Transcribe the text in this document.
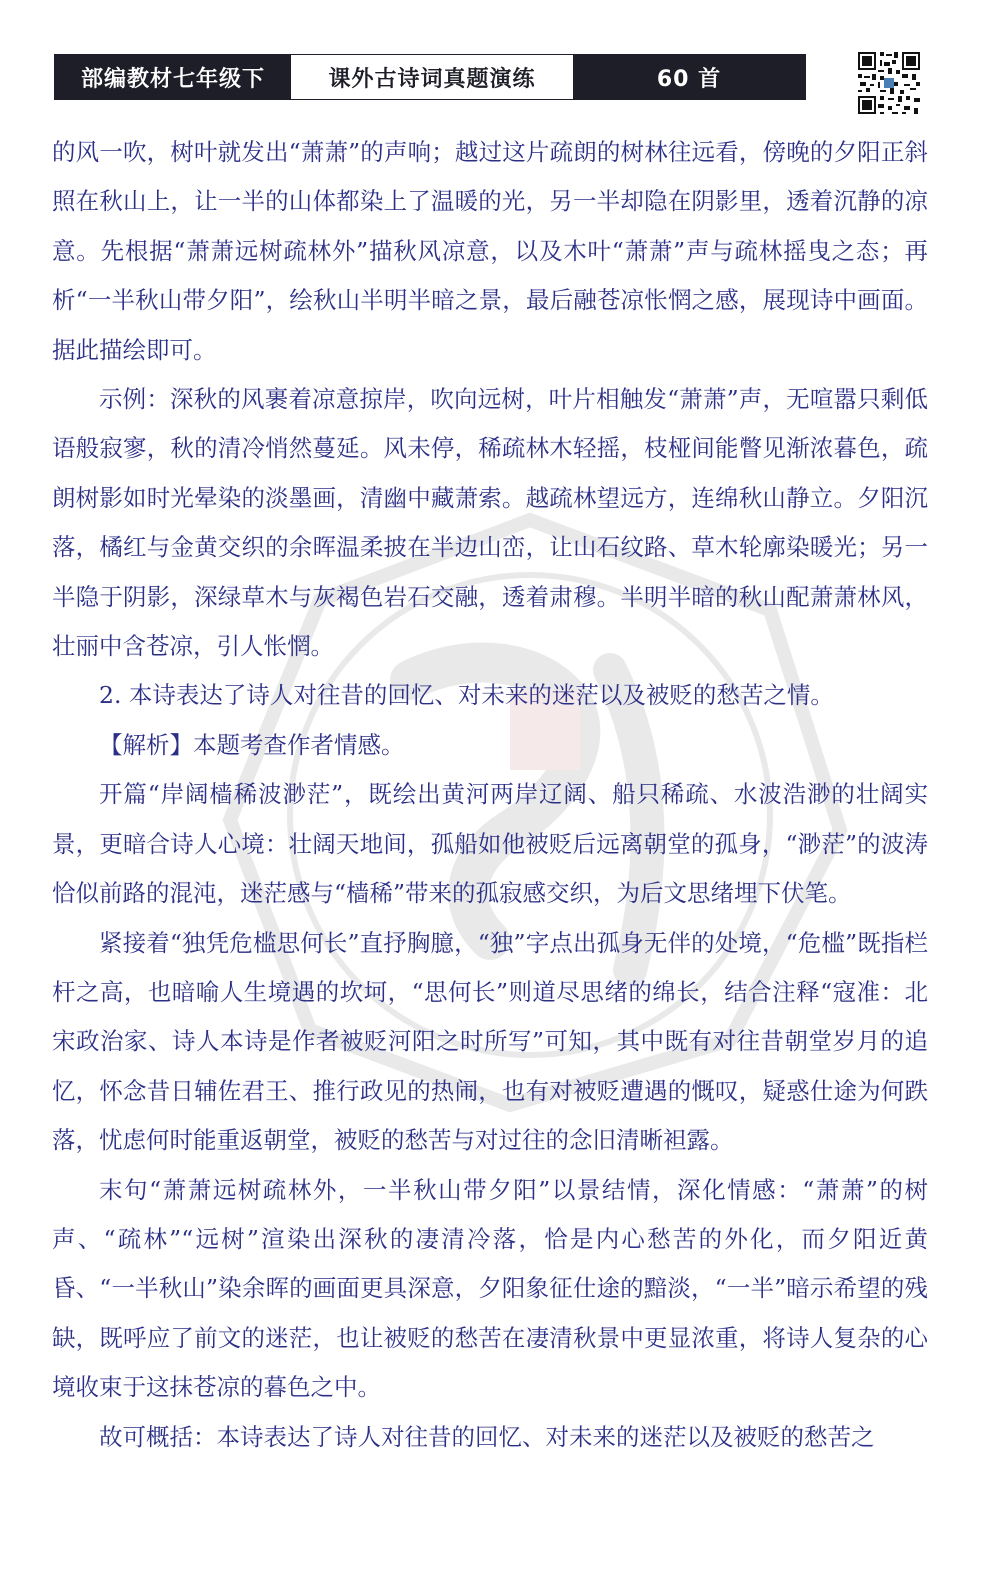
部编教材七年级下	课外古诗词真题演练	60 首

的风一吹，树叶就发出“萧萧”的声响；越过这片疏朗的树林往远看，傍晚的夕阳正斜照在秋山上，让一半的山体都染上了温暖的光，另一半却隐在阴影里，透着沉静的凉意。先根据“萧萧远树疏林外”描秋风凉意，以及木叶“萧萧”声与疏林摇曳之态；再析“一半秋山带夕阳”，绘秋山半明半暗之景，最后融苍凉怅惘之感，展现诗中画面。据此描绘即可。

示例：深秋的风裹着凉意掠岸，吹向远树，叶片相触发“萧萧”声，无喧嚣只剩低语般寂寥，秋的清冷悄然蔓延。风未停，稀疏林木轻摇，枝桠间能瞥见渐浓暮色，疏朗树影如时光晕染的淡墨画，清幽中藏萧索。越疏林望远方，连绵秋山静立。夕阳沉落，橘红与金黄交织的余晖温柔披在半边山峦，让山石纹路、草木轮廓染暖光；另一半隐于阴影，深绿草木与灰褐色岩石交融，透着肃穆。半明半暗的秋山配萧萧林风，壮丽中含苍凉，引人怅惘。

2. 本诗表达了诗人对往昔的回忆、对未来的迷茫以及被贬的愁苦之情。

【解析】本题考查作者情感。

开篇“岸阔樯稀波渺茫”，既绘出黄河两岸辽阔、船只稀疏、水波浩渺的壮阔实景，更暗合诗人心境：壮阔天地间，孤船如他被贬后远离朝堂的孤身，“渺茫”的波涛恰似前路的混沌，迷茫感与“樯稀”带来的孤寂感交织，为后文思绪埋下伏笔。

紧接着“独凭危槛思何长”直抒胸臆，“独”字点出孤身无伴的处境，“危槛”既指栏杆之高，也暗喻人生境遇的坎坷，“思何长”则道尽思绪的绵长，结合注释“寇准：北宋政治家、诗人本诗是作者被贬河阳之时所写”可知，其中既有对往昔朝堂岁月的追忆，怀念昔日辅佐君王、推行政见的热闹，也有对被贬遭遇的慨叹，疑惑仕途为何跌落，忧虑何时能重返朝堂，被贬的愁苦与对过往的念旧清晰袒露。

末句“萧萧远树疏林外，一半秋山带夕阳”以景结情，深化情感：“萧萧”的树声、“疏林”“远树”渲染出深秋的凄清冷落，恰是内心愁苦的外化，而夕阳近黄昏、“一半秋山”染余晖的画面更具深意，夕阳象征仕途的黯淡，“一半”暗示希望的残缺，既呼应了前文的迷茫，也让被贬的愁苦在凄清秋景中更显浓重，将诗人复杂的心境收束于这抹苍凉的暮色之中。

故可概括：本诗表达了诗人对往昔的回忆、对未来的迷茫以及被贬的愁苦之
